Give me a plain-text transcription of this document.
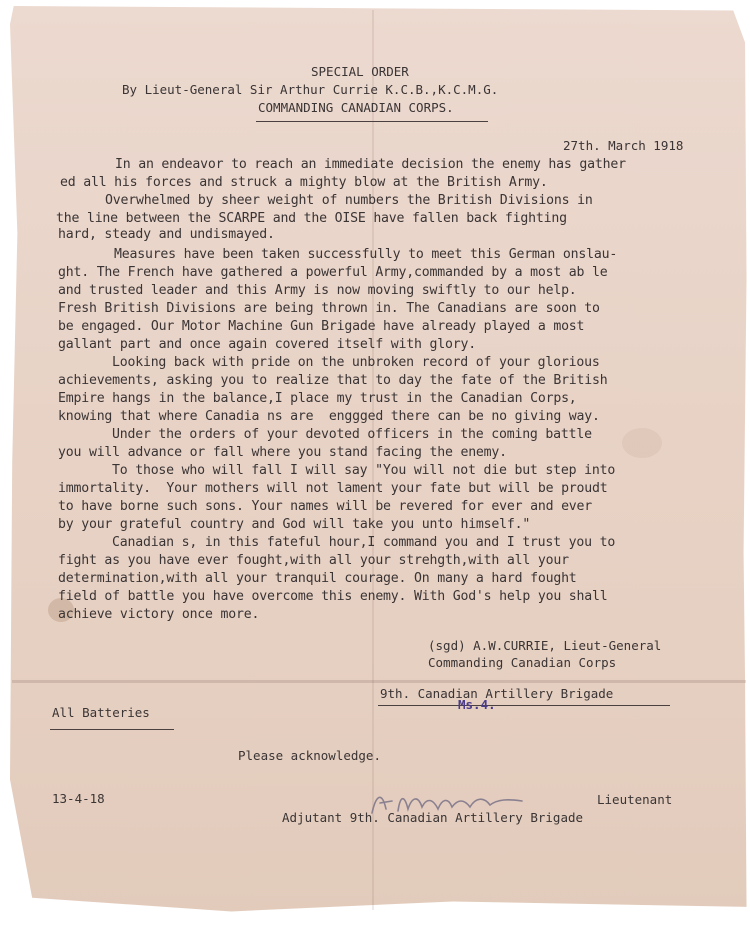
SPECIAL ORDER
By Lieut-General Sir Arthur Currie K.C.B.,K.C.M.G.
COMMANDING CANADIAN CORPS.
27th. March 1918
In an endeavor to reach an immediate decision the enemy has gather
ed all his forces and struck a mighty blow at the British Army.
Overwhelmed by sheer weight of numbers the British Divisions in
the line between the SCARPE and the OISE have fallen back fighting
hard, steady and undismayed.
Measures have been taken successfully to meet this German onslau-
ght. The French have gathered a powerful Army,commanded by a most ab le
and trusted leader and this Army is now moving swiftly to our help.
Fresh British Divisions are being thrown in. The Canadians are soon to
be engaged. Our Motor Machine Gun Brigade have already played a most
gallant part and once again covered itself with glory.
Looking back with pride on the unbroken record of your glorious
achievements, asking you to realize that to day the fate of the British
Empire hangs in the balance,I place my trust in the Canadian Corps,
knowing that where Canadia ns are  enggged there can be no giving way.
Under the orders of your devoted officers in the coming battle
you will advance or fall where you stand facing the enemy.
To those who will fall I will say "You will not die but step into
immortality.  Your mothers will not lament your fate but will be proudt
to have borne such sons. Your names will be revered for ever and ever
by your grateful country and God will take you unto himself."
Canadian s, in this fateful hour,I command you and I trust you to
fight as you have ever fought,with all your strehgth,with all your
determination,with all your tranquil courage. On many a hard fought
field of battle you have overcome this enemy. With God's help you shall
achieve victory once more.
(sgd) A.W.CURRIE, Lieut-General
Commanding Canadian Corps
9th. Canadian Artillery Brigade
Ms.4.
All Batteries
Please acknowledge.
13-4-18	Lieutenant
Adjutant 9th. Canadian Artillery Brigade
